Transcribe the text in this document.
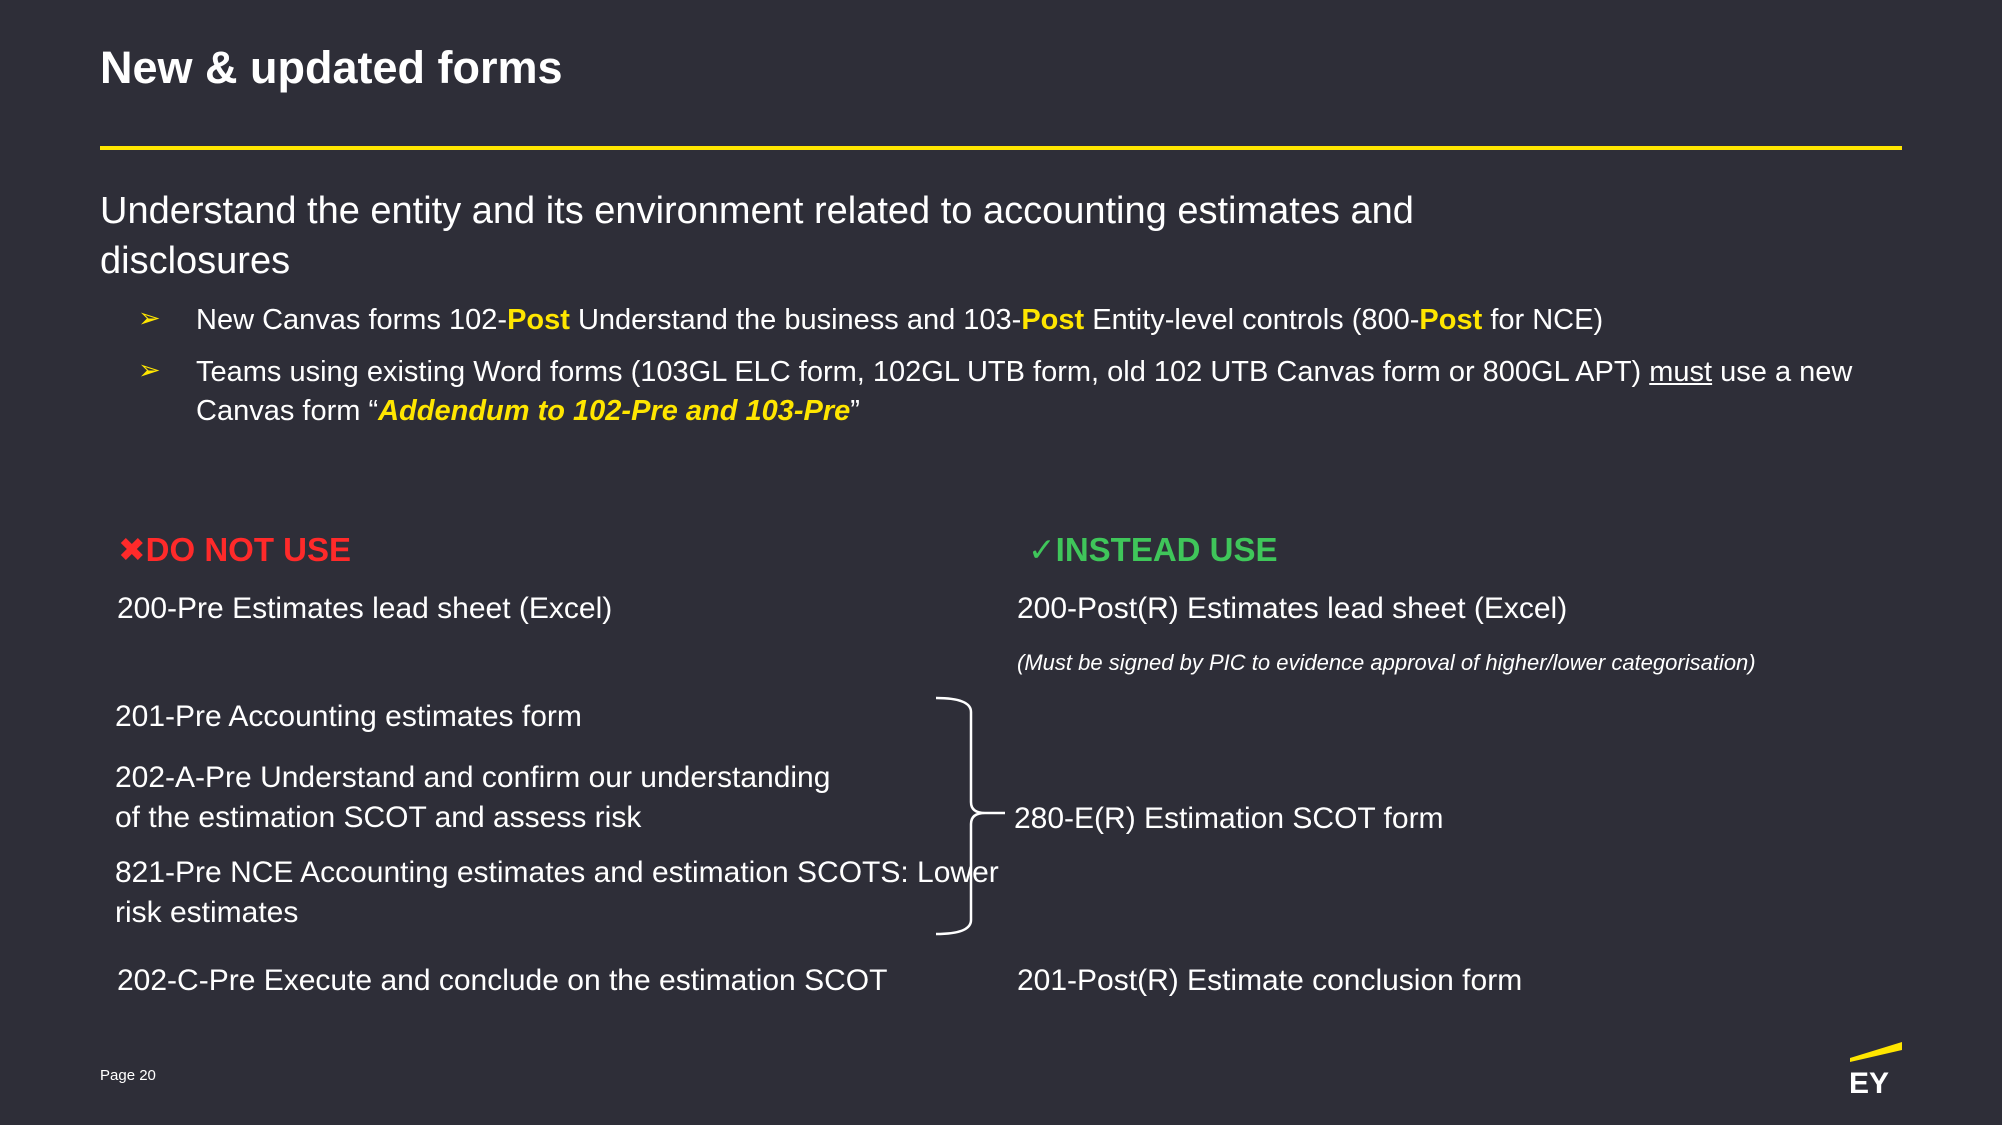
New & updated forms
Understand the entity and its environment related to accounting estimates and disclosures
➢ New Canvas forms 102-Post Understand the business and 103-Post Entity-level controls (800-Post for NCE)
➢ Teams using existing Word forms (103GL ELC form, 102GL UTB form, old 102 UTB Canvas form or 800GL APT) must use a new Canvas form “Addendum to 102-Pre and 103-Pre”
✖DO NOT USE
200-Pre Estimates lead sheet (Excel)
201-Pre Accounting estimates form
202-A-Pre Understand and confirm our understanding of the estimation SCOT and assess risk
821-Pre NCE Accounting estimates and estimation SCOTS: Lower risk estimates
202-C-Pre Execute and conclude on the estimation SCOT
✓INSTEAD USE
200-Post(R) Estimates lead sheet (Excel)
(Must be signed by PIC to evidence approval of higher/lower categorisation)
280-E(R) Estimation SCOT form
201-Post(R) Estimate conclusion form
Page 20	EY
